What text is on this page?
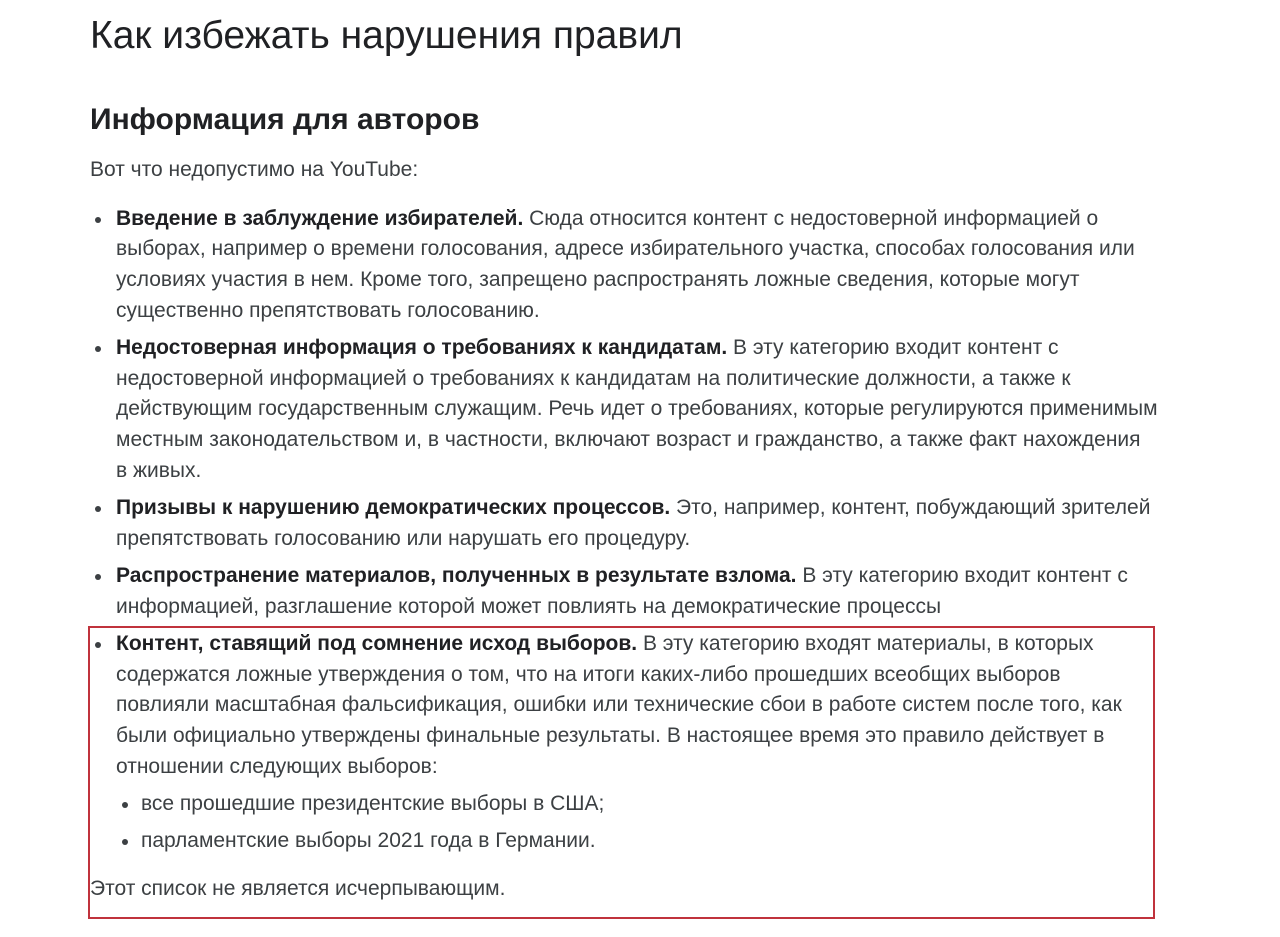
Как избежать нарушения правил
Информация для авторов

Вот что недопустимо на YouTube:

Введение в заблуждение избирателей. Сюда относится контент с недостоверной информацией о
выборах, например о времени голосования, адресе избирательного участка, способах голосования или
условиях участия в нем. Кроме того, запрещено распространять ложные сведения, которые могут
существенно препятствовать голосованию.
Недостоверная информация о требованиях к кандидатам. В эту категорию входит контент с
недостоверной информацией о требованиях к кандидатам на политические должности, а также к
действующим государственным служащим. Речь идет о требованиях, которые регулируются применимым
местным законодательством и, в частности, включают возраст и гражданство, а также факт нахождения
в живых.
Призывы к нарушению демократических процессов. Это, например, контент, побуждающий зрителей
препятствовать голосованию или нарушать его процедуру.
Распространение материалов, полученных в результате взлома. В эту категорию входит контент с
информацией, разглашение которой может повлиять на демократические процессы
Контент, ставящий под сомнение исход выборов. В эту категорию входят материалы, в которых
содержатся ложные утверждения о том, что на итоги каких-либо прошедших всеобщих выборов
повлияли масштабная фальсификация, ошибки или технические сбои в работе систем после того, как
были официально утверждены финальные результаты. В настоящее время это правило действует в
отношении следующих выборов:
все прошедшие президентские выборы в США;
парламентские выборы 2021 года в Германии.

Этот список не является исчерпывающим.
